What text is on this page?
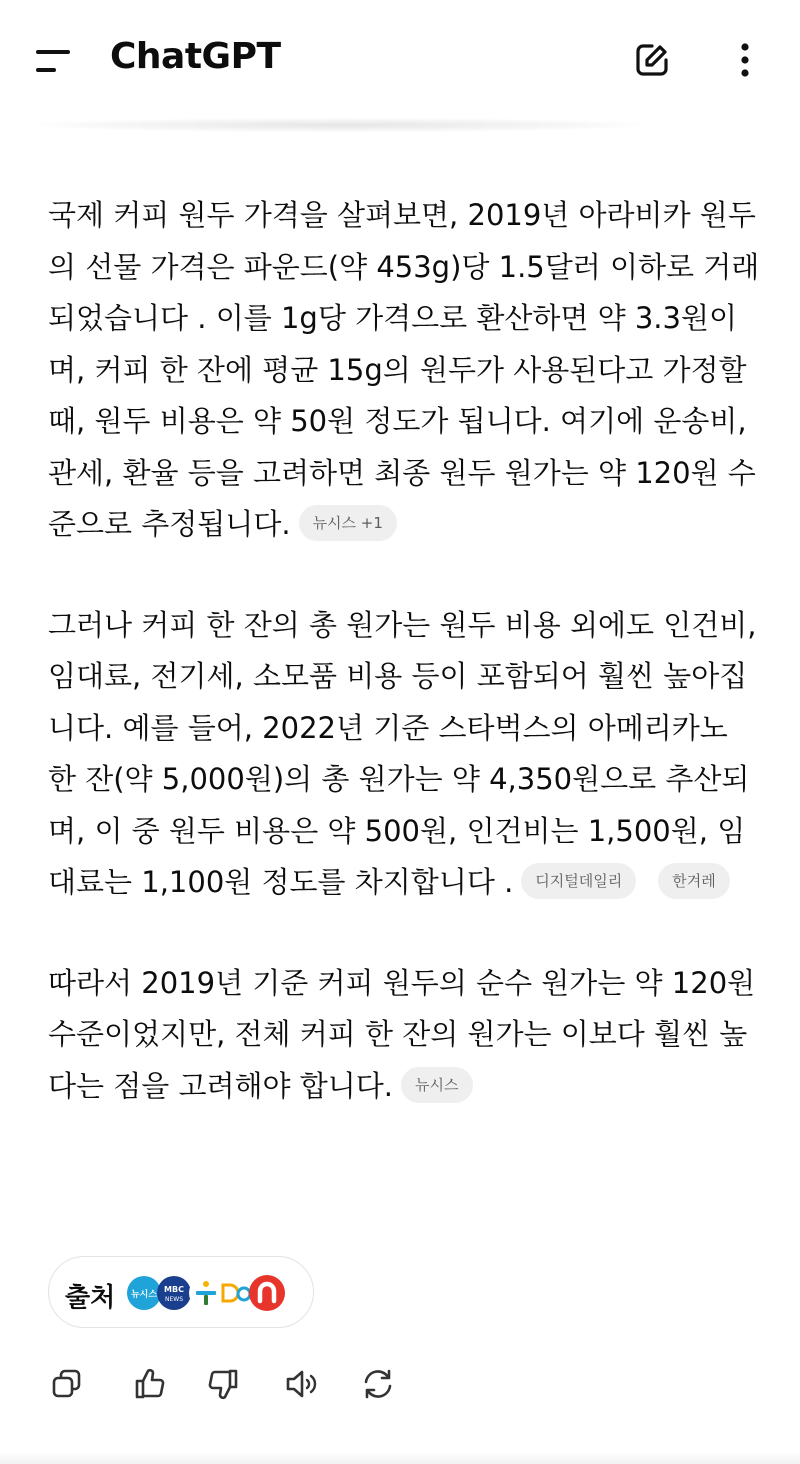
ChatGPT

국제 커피 원두 가격을 살펴보면, 2019년 아라비카 원두의 선물 가격은 파운드(약 453g)당 1.5달러 이하로 거래되었습니다 . 이를 1g당 가격으로 환산하면 약 3.3원이며, 커피 한 잔에 평균 15g의 원두가 사용된다고 가정할 때, 원두 비용은 약 50원 정도가 됩니다. 여기에 운송비, 관세, 환율 등을 고려하면 최종 원두 원가는 약 120원 수준으로 추정됩니다. 뉴시스 +1

그러나 커피 한 잔의 총 원가는 원두 비용 외에도 인건비, 임대료, 전기세, 소모품 비용 등이 포함되어 훨씬 높아집니다. 예를 들어, 2022년 기준 스타벅스의 아메리카노 한 잔(약 5,000원)의 총 원가는 약 4,350원으로 추산되며, 이 중 원두 비용은 약 500원, 인건비는 1,500원, 임대료는 1,100원 정도를 차지합니다 . 디지털데일리	한겨레

따라서 2019년 기준 커피 원두의 순수 원가는 약 120원 수준이었지만, 전체 커피 한 잔의 원가는 이보다 훨씬 높다는 점을 고려해야 합니다. 뉴시스

출처 뉴시스
MBC
NEWS
